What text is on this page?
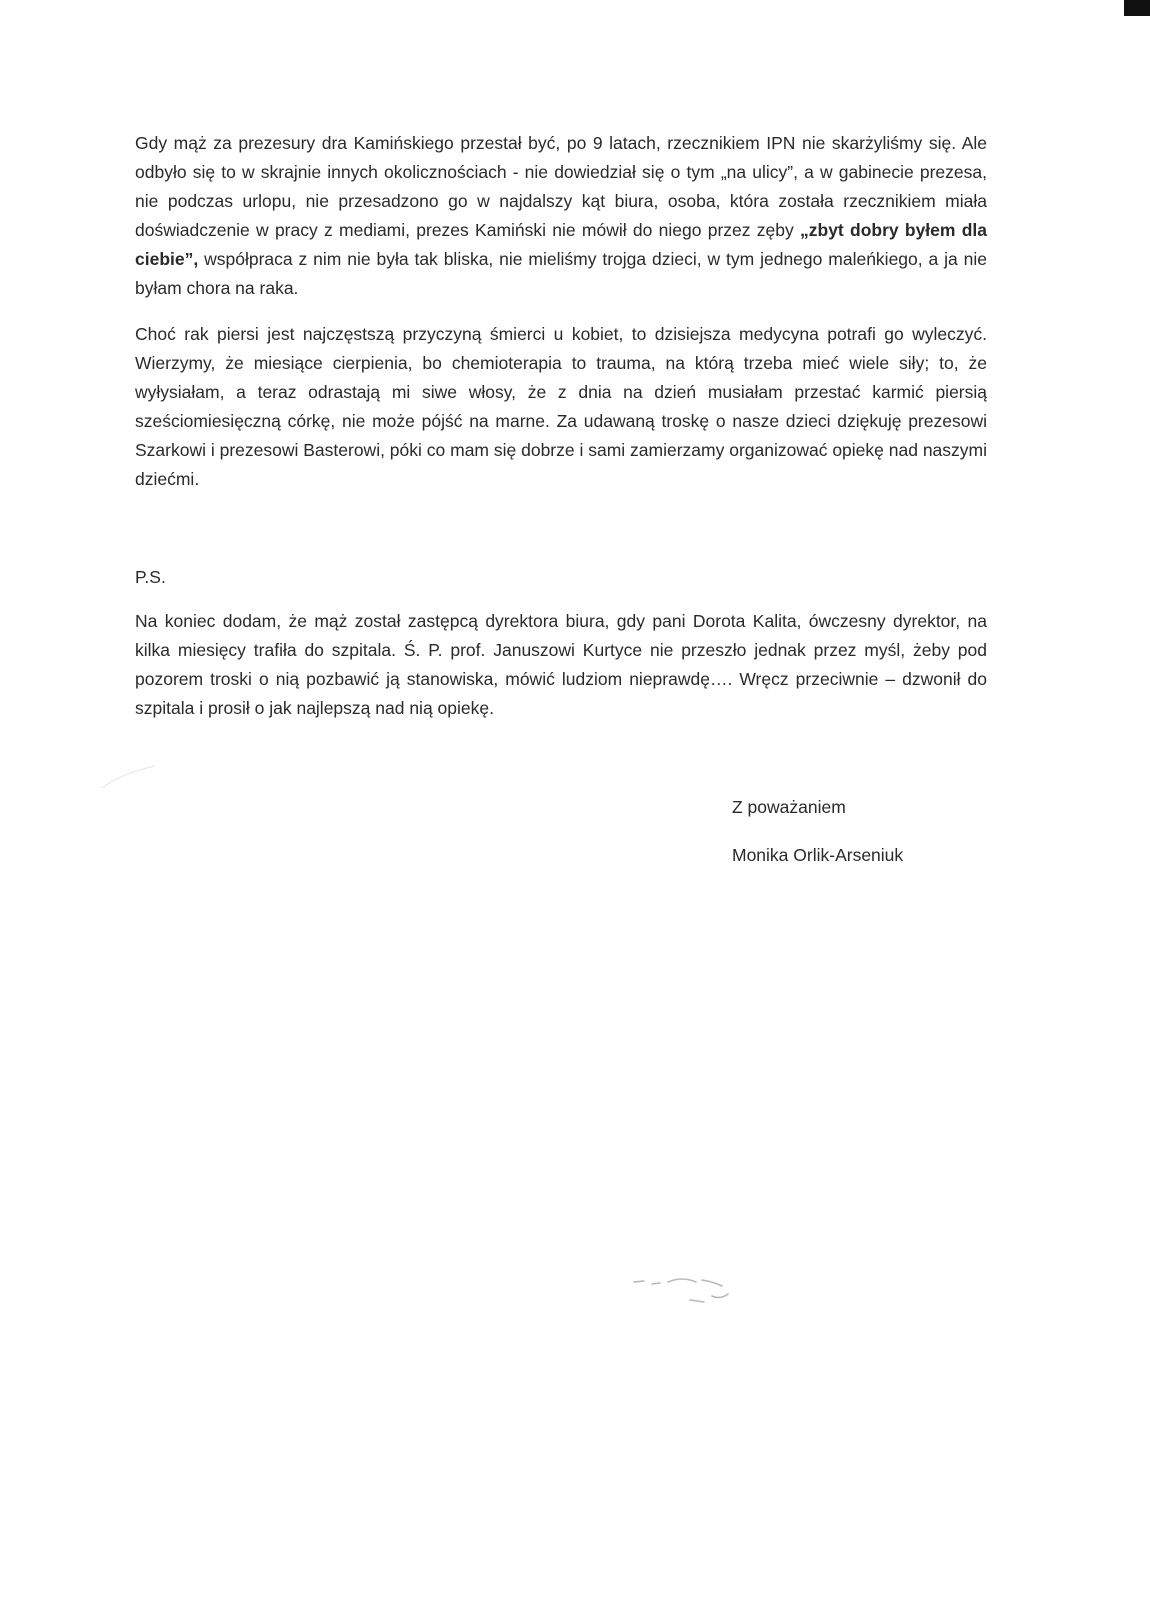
Gdy mąż za prezesury dra Kamińskiego przestał być, po 9 latach, rzecznikiem IPN nie skarżyliśmy się. Ale odbyło się to w skrajnie innych okolicznościach - nie dowiedział się o tym „na ulicy”, a w gabinecie prezesa, nie podczas urlopu, nie przesadzono go w najdalszy kąt biura, osoba, która została rzecznikiem miała doświadczenie w pracy z mediami, prezes Kamiński nie mówił do niego przez zęby „zbyt dobry byłem dla ciebie”, współpraca z nim nie była tak bliska, nie mieliśmy trojga dzieci, w tym jednego maleńkiego, a ja nie byłam chora na raka.
Choć rak piersi jest najczęstszą przyczyną śmierci u kobiet, to dzisiejsza medycyna potrafi go wyleczyć. Wierzymy, że miesiące cierpienia, bo chemioterapia to trauma, na którą trzeba mieć wiele siły; to, że wyłysiałam, a teraz odrastają mi siwe włosy, że z dnia na dzień musiałam przestać karmić piersią sześciomiesięczną córkę, nie może pójść na marne. Za udawaną troskę o nasze dzieci dziękuję prezesowi Szarkowi i prezesowi Basterowi, póki co mam się dobrze i sami zamierzamy organizować opiekę nad naszymi dziećmi.
P.S.
Na koniec dodam, że mąż został zastępcą dyrektora biura, gdy pani Dorota Kalita, ówczesny dyrektor, na kilka miesięcy trafiła do szpitala. Ś. P. prof. Januszowi Kurtyce nie przeszło jednak przez myśl, żeby pod pozorem troski o nią pozbawić ją stanowiska, mówić ludziom nieprawdę…. Wręcz przeciwnie – dzwonił do szpitala i prosił o jak najlepszą nad nią opiekę.
Z poważaniem
Monika Orlik-Arseniuk
